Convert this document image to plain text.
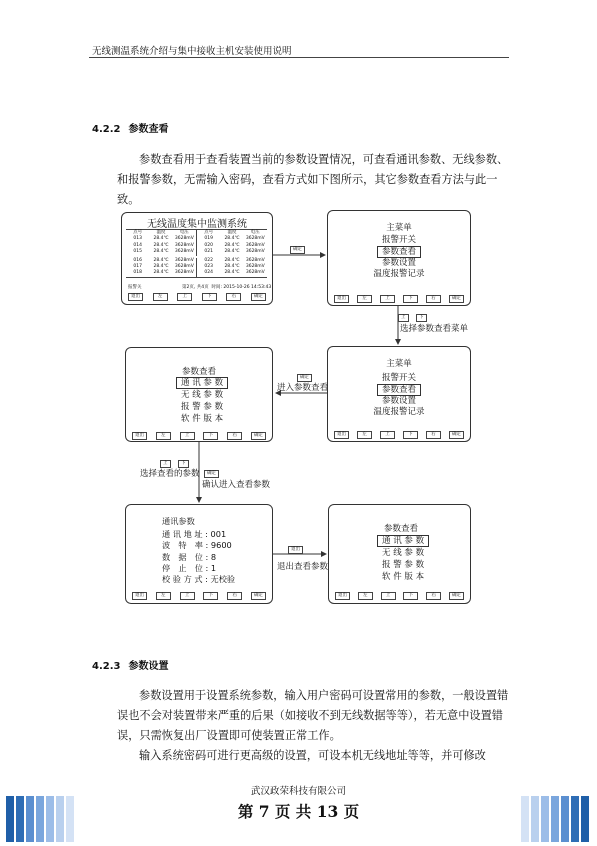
无线测温系统介绍与集中接收主机安装使用说明
4.2.2 参数查看
参数查看用于查看装置当前的参数设置情况，可查看通讯参数、无线参数、和报警参数，无需输入密码，查看方式如下图所示，其它参数查看方法与此一致。
无线温度集中监测系统
点号	温度	电压	点号	温度	电压
013	28.4℃	3628mV	019	28.4℃	3628mV
014	28.4℃	3628mV	020	28.4℃	3628mV
015	28.4℃	3628mV	021	28.4℃	3628mV
016	28.4℃	3628mV	022	28.4℃	3628mV
017	28.4℃	3628mV	023	28.4℃	3628mV
018	28.4℃	3628mV	024	28.4℃	3628mV
报警关	第2页, 共4页 时间: 2015-10-26 14:53:43
退出	左	上	下	右	确定
主菜单
报警开关
参数查看
参数设置
温度报警记录
退出	左	上	下	右	确定
主菜单
报警开关
参数查看
参数设置
温度报警记录
退出	左	上	下	右	确定
参数查看
通 讯 参 数
无 线 参 数
报 警 参 数
软 件 版 本
退出	左	上	下	右	确定
通讯参数
通 讯 地 址 : 001
波　特　率 : 9600
数　据　位 : 8
停　止　位 : 1
校 验 方 式 : 无校验
退出	左	上	下	右	确定
参数查看
通 讯 参 数
无 线 参 数
报 警 参 数
软 件 版 本
退出	左	上	下	右	确定
确定
上	下
选择参数查看菜单
确定
进入参数查看
上	下
选择查看的参数	确定
确认进入查看参数
退出
退出查看参数
4.2.3 参数设置
参数设置用于设置系统参数，输入用户密码可设置常用的参数，一般设置错误也不会对装置带来严重的后果（如接收不到无线数据等等），若无意中设置错误，只需恢复出厂设置即可使装置正常工作。
输入系统密码可进行更高级的设置，可设本机无线地址等等，并可修改
武汉政荣科技有限公司
第 7 页 共 13 页
